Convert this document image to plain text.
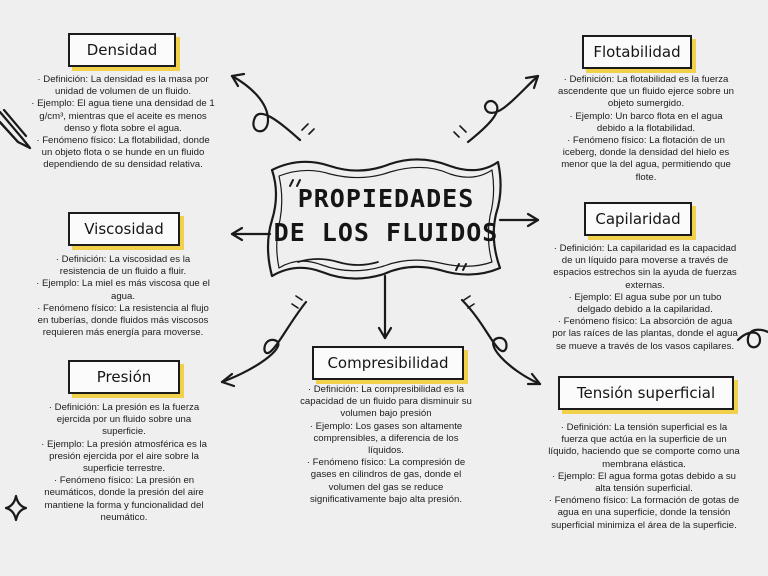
PROPIEDADES
DE LOS FLUIDOS
Densidad

· Definición: La densidad es la masa por unidad de volumen de un fluido.

· Ejemplo: El agua tiene una densidad de 1 g/cm³, mientras que el aceite es menos denso y flota sobre el agua.

· Fenómeno físico: La flotabilidad, donde un objeto flota o se hunde en un fluido dependiendo de su densidad relativa.

Viscosidad

· Definición: La viscosidad es la resistencia de un fluido a fluir.

· Ejemplo: La miel es más viscosa que el agua.

· Fenómeno físico: La resistencia al flujo en tuberías, donde fluidos más viscosos requieren más energía para moverse.

Presión

· Definición: La presión es la fuerza ejercida por un fluido sobre una superficie.

· Ejemplo: La presión atmosférica es la presión ejercida por el aire sobre la superficie terrestre.

· Fenómeno físico: La presión en neumáticos, donde la presión del aire mantiene la forma y funcionalidad del neumático.

Compresibilidad

· Definición: La compresibilidad es la capacidad de un fluido para disminuir su volumen bajo presión

· Ejemplo: Los gases son altamente comprensibles, a diferencia de los líquidos.

· Fenómeno físico: La compresión de gases en cilindros de gas, donde el volumen del gas se reduce significativamente bajo alta presión.

Flotabilidad

· Definición: La flotabilidad es la fuerza ascendente que un fluido ejerce sobre un objeto sumergido.

· Ejemplo: Un barco flota en el agua debido a la flotabilidad.

· Fenómeno físico: La flotación de un iceberg, donde la densidad del hielo es menor que la del agua, permitiendo que flote.

Capilaridad

· Definición: La capilaridad es la capacidad de un líquido para moverse a través de espacios estrechos sin la ayuda de fuerzas externas.

· Ejemplo: El agua sube por un tubo delgado debido a la capilaridad.

· Fenómeno físico: La absorción de agua por las raíces de las plantas, donde el agua se mueve a través de los vasos capilares.

Tensión superficial

· Definición: La tensión superficial es la fuerza que actúa en la superficie de un líquido, haciendo que se comporte como una membrana elástica.

· Ejemplo: El agua forma gotas debido a su alta tensión superficial.

· Fenómeno físico: La formación de gotas de agua en una superficie, donde la tensión superficial minimiza el área de la superficie.
